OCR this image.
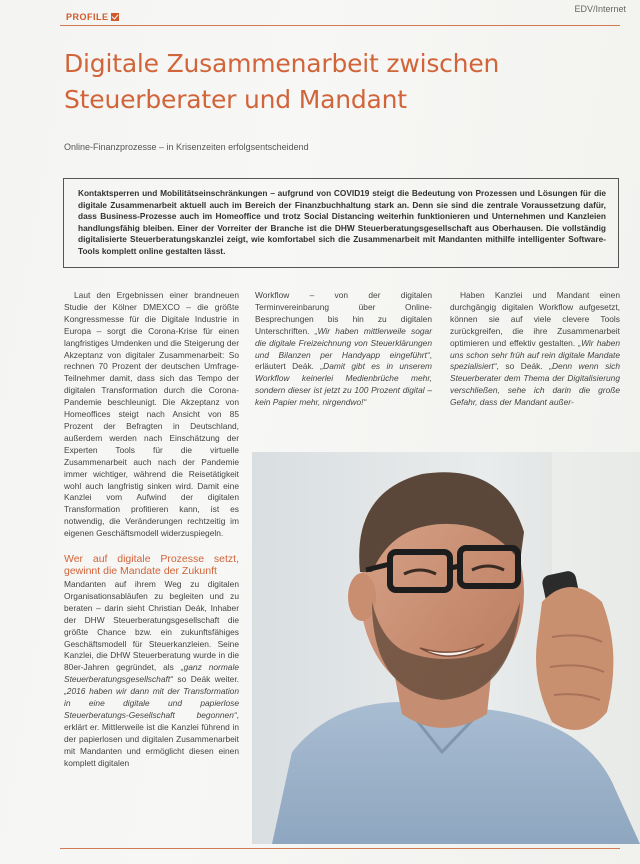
PROFILE
EDV/Internet
Digitale Zusammenarbeit zwischen
Steuerberater und Mandant
Online-Finanzprozesse – in Krisenzeiten erfolgsentscheidend
Kontaktsperren und Mobilitätseinschränkungen – aufgrund von COVID19 steigt die Bedeutung von Prozessen und Lösungen für die digitale Zusammenarbeit aktuell auch im Bereich der Finanzbuchhaltung stark an. Denn sie sind die zentrale Voraussetzung dafür, dass Business-Prozesse auch im Homeoffice und trotz Social Distancing weiterhin funktionieren und Unternehmen und Kanzleien handlungsfähig bleiben. Einer der Vorreiter der Branche ist die DHW Steuerberatungsgesellschaft aus Oberhausen. Die vollständig digitalisierte Steuerberatungskanzlei zeigt, wie komfortabel sich die Zusammenarbeit mit Mandanten mithilfe intelligenter Software-Tools komplett online gestalten lässt.

Laut den Ergebnissen einer brandneuen Studie der Kölner DMEXCO – die größte Kongressmesse für die Digitale Industrie in Europa – sorgt die Corona-Krise für einen langfristiges Umdenken und die Steigerung der Akzeptanz von digitaler Zusammenarbeit: So rechnen 70 Prozent der deutschen Umfrage-Teilnehmer damit, dass sich das Tempo der digitalen Transformation durch die Corona-Pandemie beschleunigt. Die Akzeptanz von Homeoffices steigt nach Ansicht von 85 Prozent der Befragten in Deutschland, außerdem werden nach Einschätzung der Experten Tools für die virtuelle Zusammenarbeit auch nach der Pandemie immer wichtiger, während die Reisetätigkeit wohl auch langfristig sinken wird. Damit eine Kanzlei vom Aufwind der digitalen Transformation profitieren kann, ist es notwendig, die Veränderungen rechtzeitig im eigenen Geschäftsmodell widerzuspiegeln.

Wer auf digitale Prozesse setzt, gewinnt die Mandate der Zukunft

Mandanten auf ihrem Weg zu digitalen Organisationsabläufen zu begleiten und zu beraten – darin sieht Christian Deák, Inhaber der DHW Steuerberatungsgesellschaft die größte Chance bzw. ein zukunftsfähiges Geschäftsmodell für Steuerkanzleien. Seine Kanzlei, die DHW Steuerberatung wurde in die 80er-Jahren gegründet, als „ganz normale Steuerberatungsgesellschaft“ so Deák weiter. „2016 haben wir dann mit der Transformation in eine digitale und papierlose Steuerberatungs-Gesellschaft begonnen“, erklärt er. Mittlerweile ist die Kanzlei führend in der papierlosen und digitalen Zusammenarbeit mit Mandanten und ermöglicht diesen einen komplett digitalen

Workflow – von der digitalen Terminvereinbarung über Online-Besprechungen bis hin zu digitalen Unterschriften. „Wir haben mittlerweile sogar die digitale Freizeichnung von Steuerklärungen und Bilanzen per Handyapp eingeführt“, erläutert Deák. „Damit gibt es in unserem Workflow keinerlei Medienbrüche mehr, sondern dieser ist jetzt zu 100 Prozent digital – kein Papier mehr, nirgendwo!“

Haben Kanzlei und Mandant einen durchgängig digitalen Workflow aufgesetzt, können sie auf viele clevere Tools zurückgreifen, die ihre Zusammenarbeit optimieren und effektiv gestalten. „Wir haben uns schon sehr früh auf rein digitale Mandate spezialisiert“, so Deák. „Denn wenn sich Steuerberater dem Thema der Digitalisierung verschließen, sehe ich darin die große Gefahr, dass der Mandant außer-
